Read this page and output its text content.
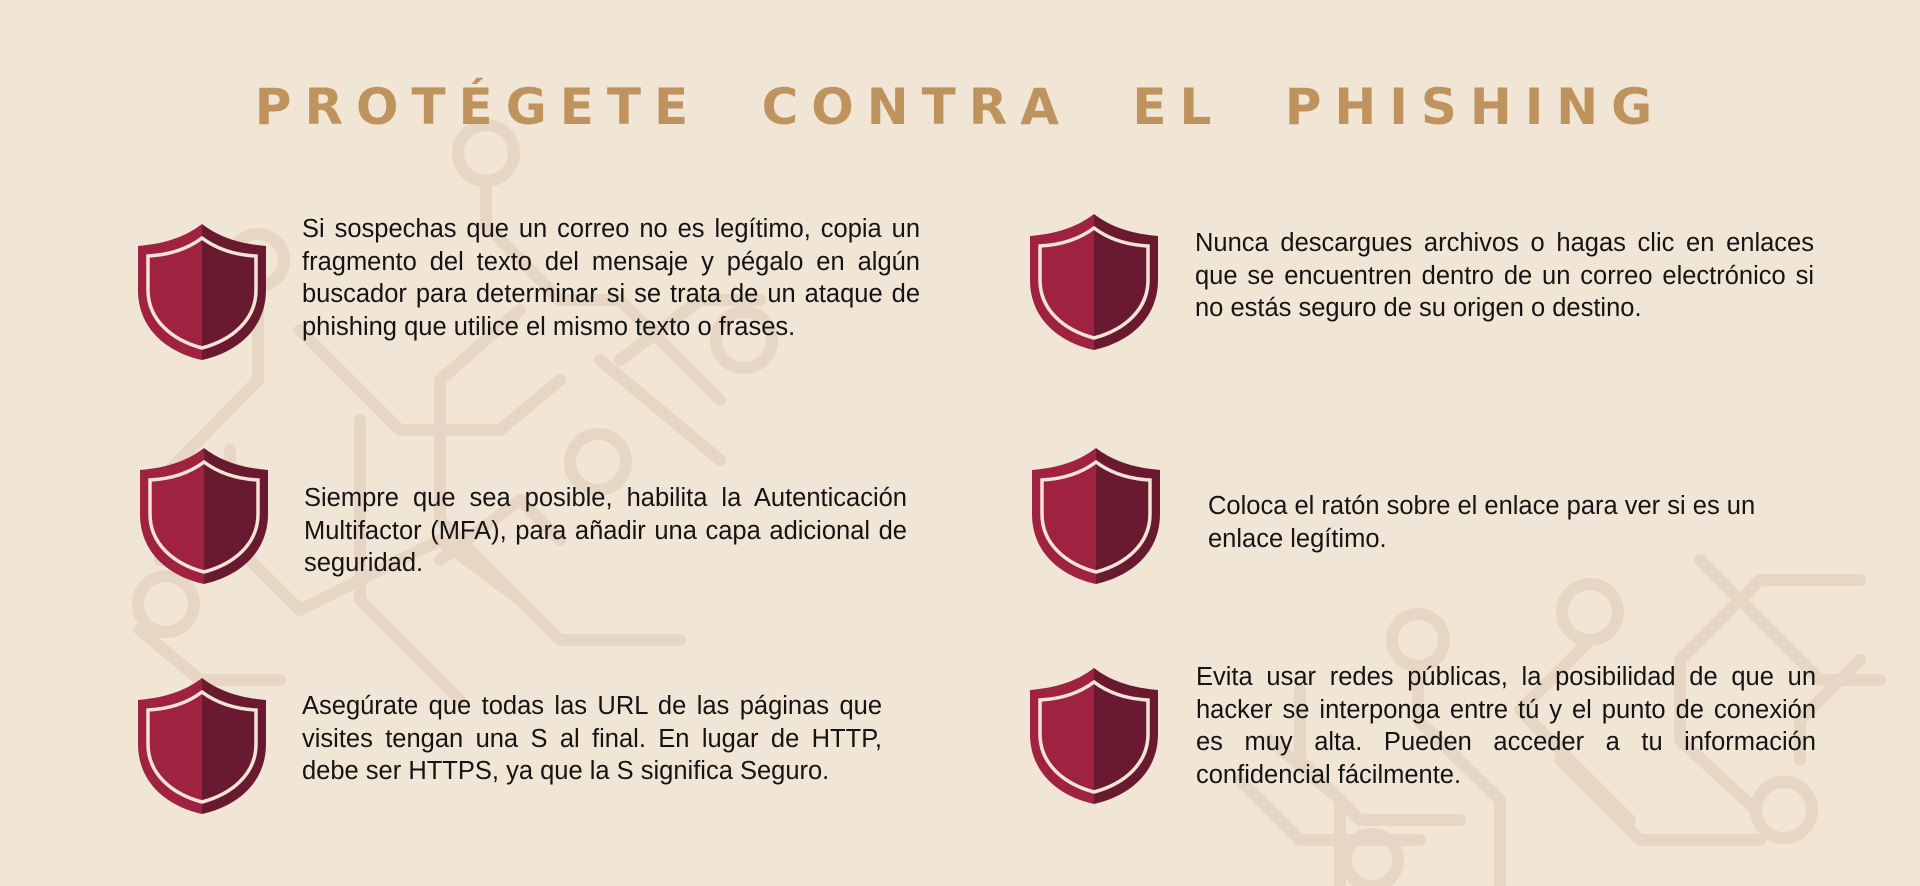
PROTÉGETE CONTRA EL PHISHING
Si sospechas que un correo no es legítimo, copia un fragmento del texto del mensaje y pégalo en algún buscador para determinar si se trata de un ataque de phishing que utilice el mismo texto o frases.
Siempre que sea posible, habilita la Autenticación Multifactor (MFA), para añadir una capa adicional de seguridad.
Asegúrate que todas las URL de las páginas que visites tengan una S al final. En lugar de HTTP, debe ser HTTPS, ya que la S significa Seguro.
Nunca descargues archivos o hagas clic en enlaces que se encuentren dentro de un correo electrónico si no estás seguro de su origen o destino.
Coloca el ratón sobre el enlace para ver si es un enlace legítimo.
Evita usar redes públicas, la posibilidad de que un hacker se interponga entre tú y el punto de conexión es muy alta. Pueden acceder a tu información confidencial fácilmente.
